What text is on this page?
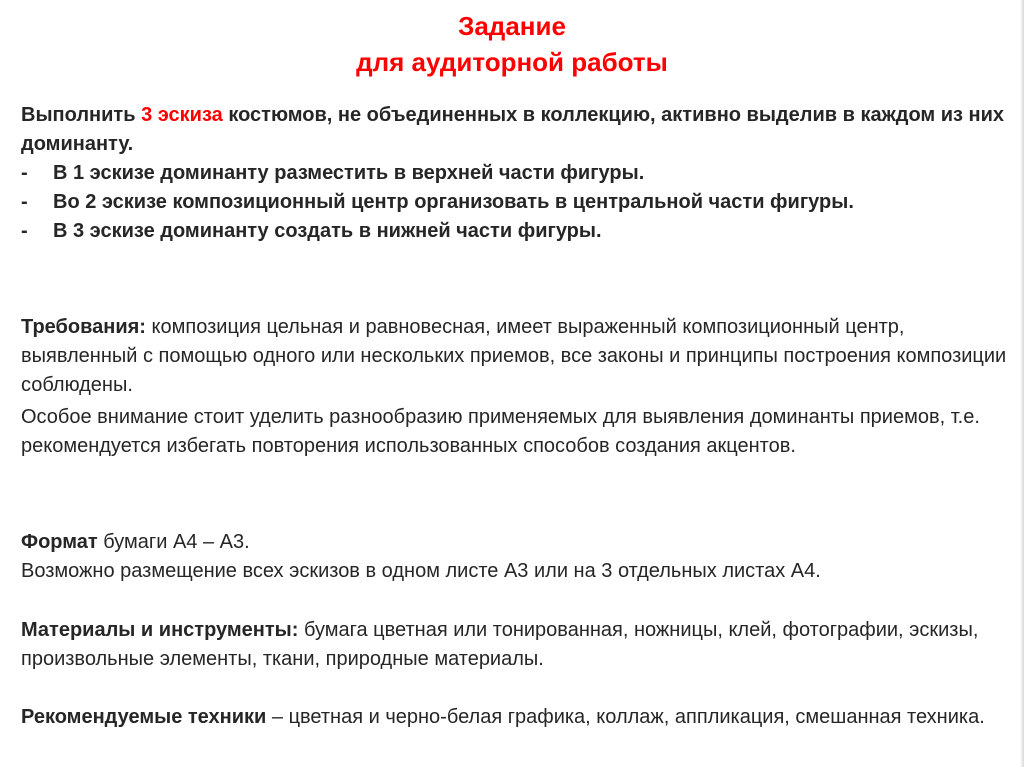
Задание
для аудиторной работы
Выполнить 3 эскиза костюмов, не объединенных в коллекцию, активно выделив в каждом из них доминанту.
- В 1 эскизе доминанту разместить в верхней части фигуры.
- Во 2 эскизе композиционный центр организовать в центральной части фигуры.
- В 3 эскизе доминанту создать в нижней части фигуры.
Требования: композиция цельная и равновесная, имеет выраженный композиционный центр, выявленный с помощью одного или нескольких приемов, все законы и принципы построения композиции соблюдены.
Особое внимание стоит уделить разнообразию применяемых для выявления доминанты приемов, т.е. рекомендуется избегать повторения использованных способов создания акцентов.
Формат бумаги А4 – А3.
Возможно размещение всех эскизов в одном листе А3 или на 3 отдельных листах А4.
Материалы и инструменты: бумага цветная или тонированная, ножницы, клей, фотографии, эскизы, произвольные элементы, ткани, природные материалы.
Рекомендуемые техники – цветная и черно-белая графика, коллаж, аппликация, смешанная техника.
